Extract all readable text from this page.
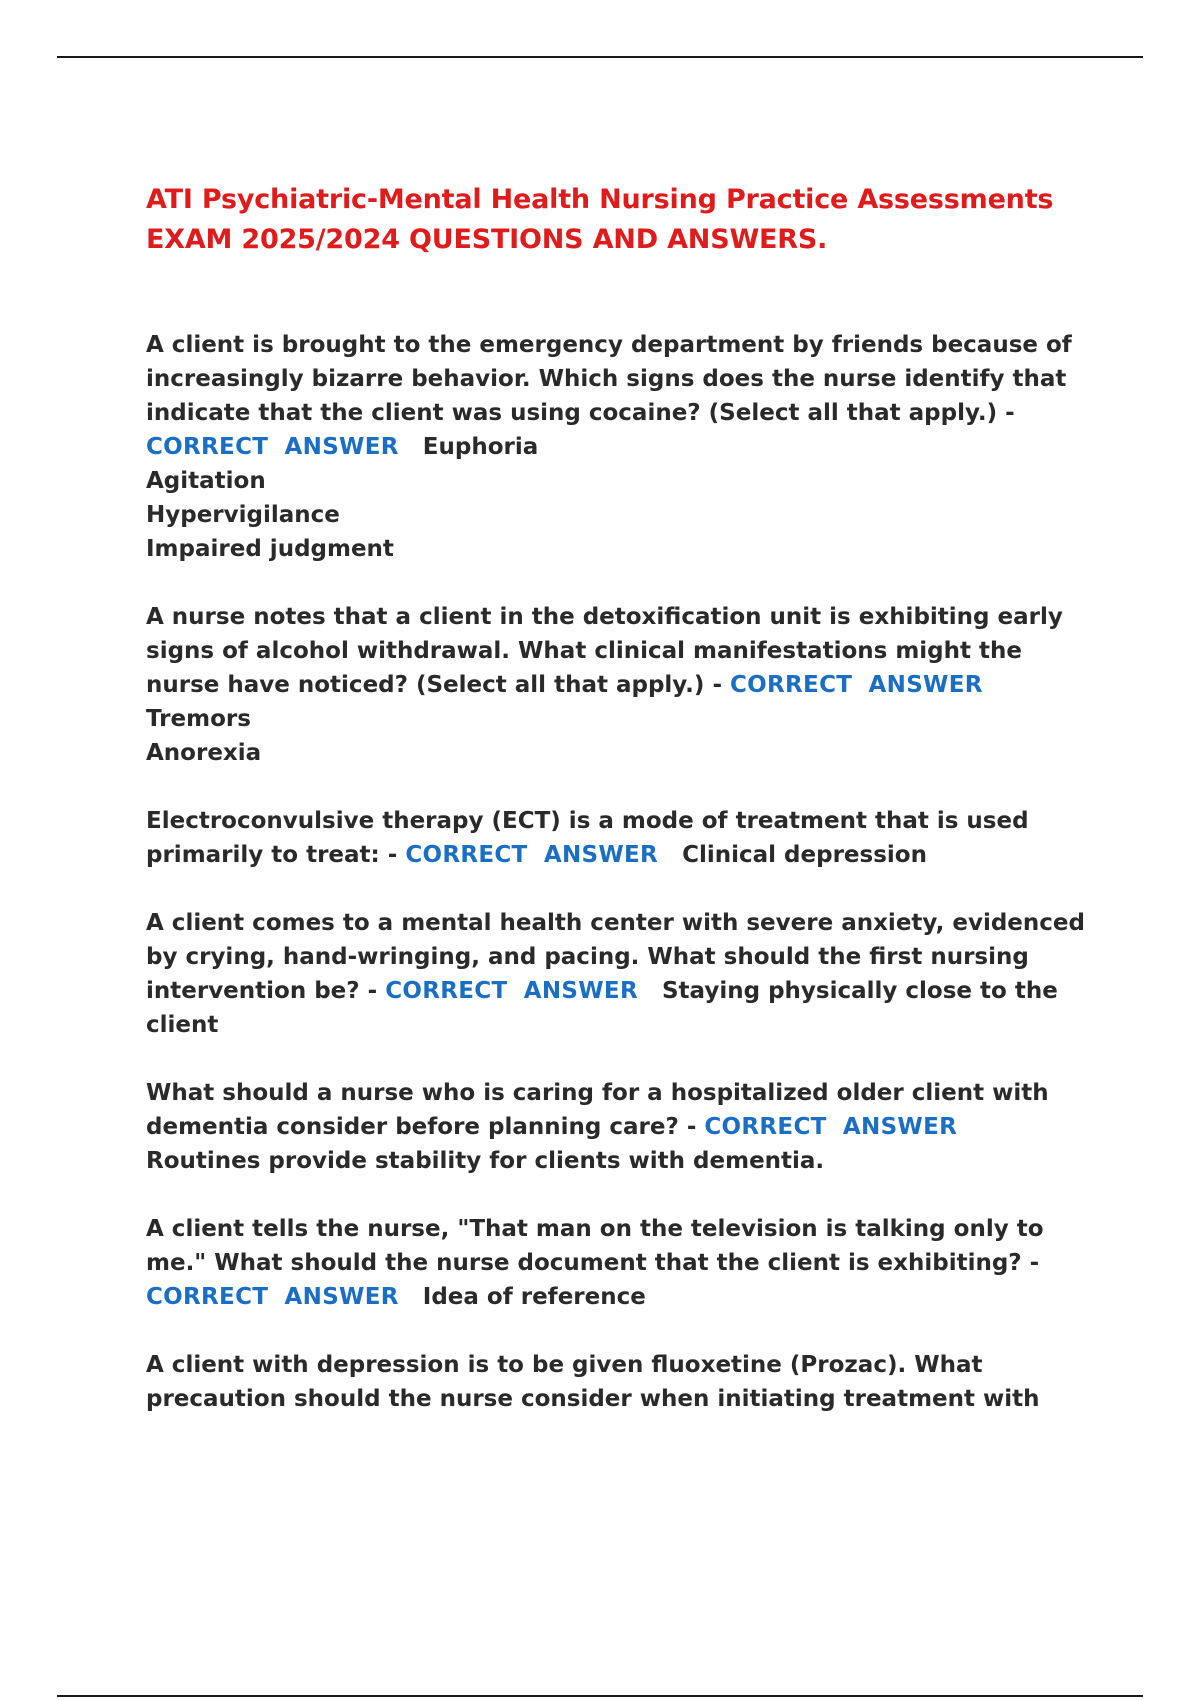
ATI Psychiatric-Mental Health Nursing Practice Assessments EXAM 2025/2024 QUESTIONS AND ANSWERS.

A client is brought to the emergency department by friends because of increasingly bizarre behavior. Which signs does the nurse identify that indicate that the client was using cocaine? (Select all that apply.) - CORRECT ANSWER Euphoria
Agitation
Hypervigilance
Impaired judgment

A nurse notes that a client in the detoxification unit is exhibiting early signs of alcohol withdrawal. What clinical manifestations might the nurse have noticed? (Select all that apply.) - CORRECT ANSWER
Tremors
Anorexia

Electroconvulsive therapy (ECT) is a mode of treatment that is used primarily to treat: - CORRECT ANSWER Clinical depression

A client comes to a mental health center with severe anxiety, evidenced by crying, hand-wringing, and pacing. What should the first nursing intervention be? - CORRECT ANSWER Staying physically close to the client

What should a nurse who is caring for a hospitalized older client with dementia consider before planning care? - CORRECT ANSWER
Routines provide stability for clients with dementia.

A client tells the nurse, "That man on the television is talking only to me." What should the nurse document that the client is exhibiting? - CORRECT ANSWER Idea of reference

A client with depression is to be given fluoxetine (Prozac). What precaution should the nurse consider when initiating treatment with
